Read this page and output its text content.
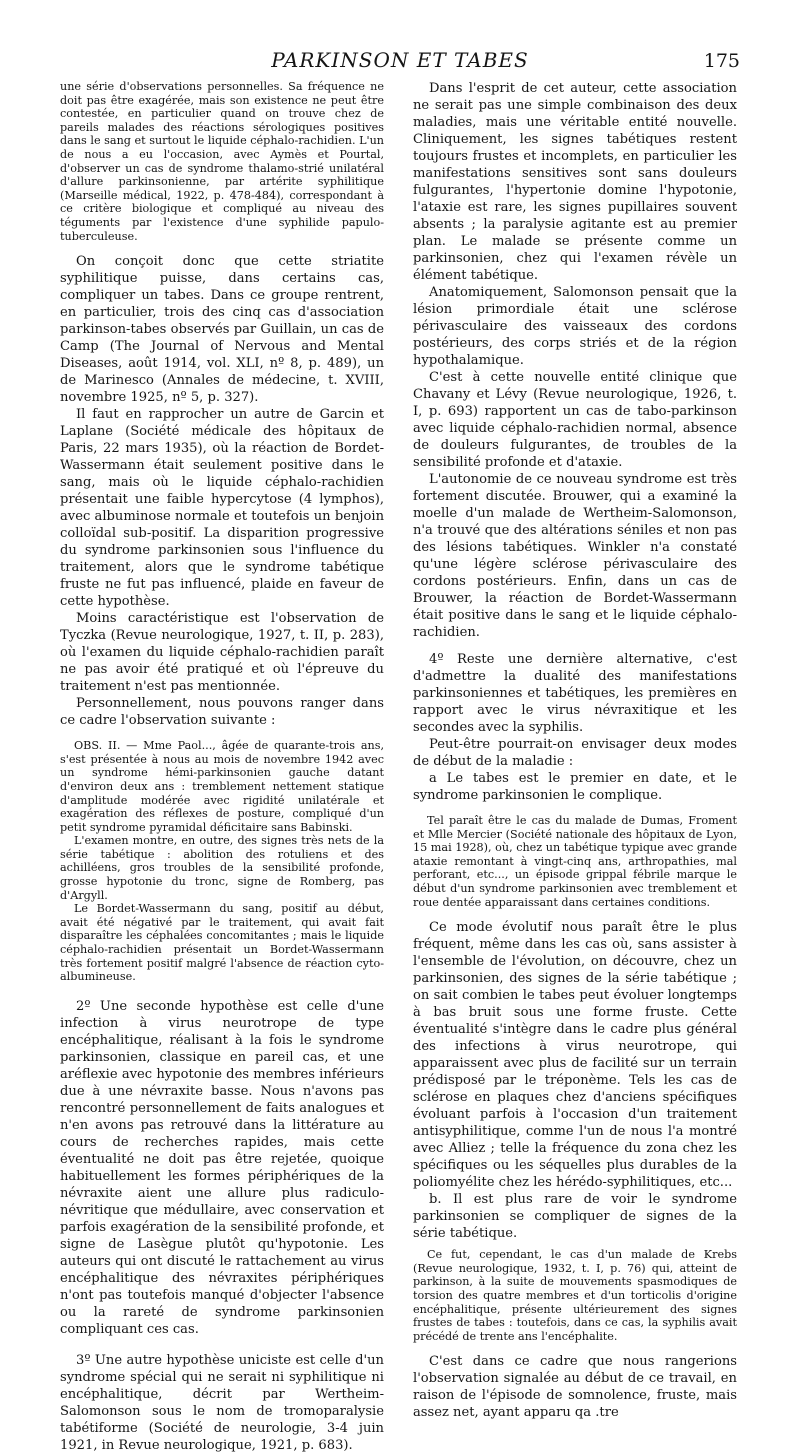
PARKINSON ET TABES	175

une série d'observations personnelles. Sa fréquence ne doit pas être exagérée, mais son existence ne peut être contestée, en particulier quand on trouve chez de pareils malades des réactions sérologiques positives dans le sang et surtout le liquide céphalo-rachidien. L'un de nous a eu l'occasion, avec Aymès et Pourtal, d'observer un cas de syndrome thalamo-strié unilatéral d'allure parkinsonienne, par artérite syphilitique (Marseille médical, 1922, p. 478-484), correspondant à ce critère biologique et compliqué au niveau des téguments par l'existence d'une syphilide papulo-tuberculeuse.

On conçoit donc que cette striatite syphilitique puisse, dans certains cas, compliquer un tabes. Dans ce groupe rentrent, en particulier, trois des cinq cas d'association parkinson-tabes observés par Guillain, un cas de Camp (The Journal of Nervous and Mental Diseases, août 1914, vol. XLI, nº 8, p. 489), un de Marinesco (Annales de médecine, t. XVIII, novembre 1925, nº 5, p. 327).

Il faut en rapprocher un autre de Garcin et Laplane (Société médicale des hôpitaux de Paris, 22 mars 1935), où la réaction de Bordet-Wassermann était seulement positive dans le sang, mais où le liquide céphalo-rachidien présentait une faible hypercytose (4 lymphos), avec albuminose normale et toutefois un benjoin colloïdal sub-positif. La disparition progressive du syndrome parkinsonien sous l'influence du traitement, alors que le syndrome tabétique fruste ne fut pas influencé, plaide en faveur de cette hypothèse.

Moins caractéristique est l'observation de Tyczka (Revue neurologique, 1927, t. II, p. 283), où l'examen du liquide céphalo-rachidien paraît ne pas avoir été pratiqué et où l'épreuve du traitement n'est pas mentionnée.

Personnellement, nous pouvons ranger dans ce cadre l'observation suivante :

OBS. II. — Mme Paol..., âgée de quarante-trois ans, s'est présentée à nous au mois de novembre 1942 avec un syndrome hémi-parkinsonien gauche datant d'environ deux ans : tremblement nettement statique d'amplitude modérée avec rigidité unilatérale et exagération des réflexes de posture, compliqué d'un petit syndrome pyramidal déficitaire sans Babinski.

L'examen montre, en outre, des signes très nets de la série tabétique : abolition des rotuliens et des achilléens, gros troubles de la sensibilité profonde, grosse hypotonie du tronc, signe de Romberg, pas d'Argyll.

Le Bordet-Wassermann du sang, positif au début, avait été négativé par le traitement, qui avait fait disparaître les céphalées concomitantes ; mais le liquide céphalo-rachidien présentait un Bordet-Wassermann très fortement positif malgré l'absence de réaction cyto-albumineuse.

2º Une seconde hypothèse est celle d'une infection à virus neurotrope de type encéphalitique, réalisant à la fois le syndrome parkinsonien, classique en pareil cas, et une aréflexie avec hypotonie des membres inférieurs due à une névraxite basse. Nous n'avons pas rencontré personnellement de faits analogues et n'en avons pas retrouvé dans la littérature au cours de recherches rapides, mais cette éventualité ne doit pas être rejetée, quoique habituellement les formes périphériques de la névraxite aient une allure plus radiculo-névritique que médullaire, avec conservation et parfois exagération de la sensibilité profonde, et signe de Lasègue plutôt qu'hypotonie. Les auteurs qui ont discuté le rattachement au virus encéphalitique des névraxites périphériques n'ont pas toutefois manqué d'objecter l'absence ou la rareté de syndrome parkinsonien compliquant ces cas.

3º Une autre hypothèse uniciste est celle d'un syndrome spécial qui ne serait ni syphilitique ni encéphalitique, décrit par Wertheim-Salomonson sous le nom de tromoparalysie tabétiforme (Société de neurologie, 3-4 juin 1921, in Revue neurologique, 1921, p. 683).

Dans l'esprit de cet auteur, cette association ne serait pas une simple combinaison des deux maladies, mais une véritable entité nouvelle. Cliniquement, les signes tabétiques restent toujours frustes et incomplets, en particulier les manifestations sensitives sont sans douleurs fulgurantes, l'hypertonie domine l'hypotonie, l'ataxie est rare, les signes pupillaires souvent absents ; la paralysie agitante est au premier plan. Le malade se présente comme un parkinsonien, chez qui l'examen révèle un élément tabétique.

Anatomiquement, Salomonson pensait que la lésion primordiale était une sclérose périvasculaire des vaisseaux des cordons postérieurs, des corps striés et de la région hypothalamique.

C'est à cette nouvelle entité clinique que Chavany et Lévy (Revue neurologique, 1926, t. I, p. 693) rapportent un cas de tabo-parkinson avec liquide céphalo-rachidien normal, absence de douleurs fulgurantes, de troubles de la sensibilité profonde et d'ataxie.

L'autonomie de ce nouveau syndrome est très fortement discutée. Brouwer, qui a examiné la moelle d'un malade de Wertheim-Salomonson, n'a trouvé que des altérations séniles et non pas des lésions tabétiques. Winkler n'a constaté qu'une légère sclérose périvasculaire des cordons postérieurs. Enfin, dans un cas de Brouwer, la réaction de Bordet-Wassermann était positive dans le sang et le liquide céphalo-rachidien.

4º Reste une dernière alternative, c'est d'admettre la dualité des manifestations parkinsoniennes et tabétiques, les premières en rapport avec le virus névraxitique et les secondes avec la syphilis.

Peut-être pourrait-on envisager deux modes de début de la maladie :

a Le tabes est le premier en date, et le syndrome parkinsonien le complique.

Tel paraît être le cas du malade de Dumas, Froment et Mlle Mercier (Société nationale des hôpitaux de Lyon, 15 mai 1928), où, chez un tabétique typique avec grande ataxie remontant à vingt-cinq ans, arthropathies, mal perforant, etc..., un épisode grippal fébrile marque le début d'un syndrome parkinsonien avec tremblement et roue dentée apparaissant dans certaines conditions.

Ce mode évolutif nous paraît être le plus fréquent, même dans les cas où, sans assister à l'ensemble de l'évolution, on découvre, chez un parkinsonien, des signes de la série tabétique ; on sait combien le tabes peut évoluer longtemps à bas bruit sous une forme fruste. Cette éventualité s'intègre dans le cadre plus général des infections à virus neurotrope, qui apparaissent avec plus de facilité sur un terrain prédisposé par le tréponème. Tels les cas de sclérose en plaques chez d'anciens spécifiques évoluant parfois à l'occasion d'un traitement antisyphilitique, comme l'un de nous l'a montré avec Alliez ; telle la fréquence du zona chez les spécifiques ou les séquelles plus durables de la poliomyélite chez les hérédo-syphilitiques, etc...

b. Il est plus rare de voir le syndrome parkinsonien se compliquer de signes de la série tabétique.

Ce fut, cependant, le cas d'un malade de Krebs (Revue neurologique, 1932, t. I, p. 76) qui, atteint de parkinson, à la suite de mouvements spasmodiques de torsion des quatre membres et d'un torticolis d'origine encéphalitique, présente ultérieurement des signes frustes de tabes : toutefois, dans ce cas, la syphilis avait précédé de trente ans l'encéphalite.

C'est dans ce cadre que nous rangerions l'observation signalée au début de ce travail, en raison de l'épisode de somnolence, fruste, mais assez net, ayant apparu qa .tre
